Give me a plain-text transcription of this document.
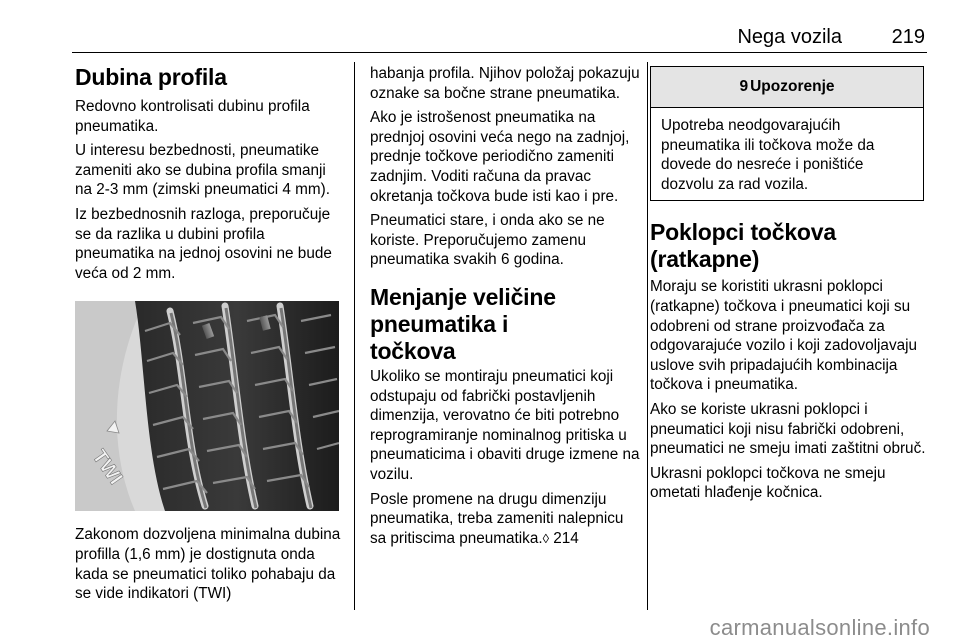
Nega vozila 219
Dubina profila

Redovno kontrolisati dubinu profila pneumatika.

U interesu bezbednosti, pneumatike zameniti ako se dubina profila smanji na 2-3 mm (zimski pneumatici 4 mm).

Iz bezbednosnih razloga, preporučuje se da razlika u dubini profila pneumatika na jednoj osovini ne bude veća od 2 mm.

TWI

Zakonom dozvoljena minimalna dubina profilla (1,6 mm) je dostignuta onda kada se pneumatici toliko pohabaju da se vide indikatori (TWI)

habanja profila. Njihov položaj pokazuju oznake sa bočne strane pneumatika.

Ako je istrošenost pneumatika na prednjoj osovini veća nego na zadnjoj, prednje točkove periodično zameniti zadnjim. Voditi računa da pravac okretanja točkova bude isti kao i pre.

Pneumatici stare, i onda ako se ne koriste. Preporučujemo zamenu pneumatika svakih 6 godina.

Menjanje veličine pneumatika i točkova

Ukoliko se montiraju pneumatici koji odstupaju od fabrički postavljenih dimenzija, verovatno će biti potrebno reprogramiranje nominalnog pritiska u pneumaticima i obaviti druge izmene na vozilu.

Posle promene na drugu dimenziju pneumatika, treba zameniti nalepnicu sa pritiscima pneumatika.◊ 214

9 Upozorenje

Upotreba neodgovarajućih pneumatika ili točkova može da dovede do nesreće i poništiće dozvolu za rad vozila.

Poklopci točkova (ratkapne)

Moraju se koristiti ukrasni poklopci (ratkapne) točkova i pneumatici koji su odobreni od strane proizvođača za odgovarajuće vozilo i koji zadovoljavaju uslove svih pripadajućih kombinacija točkova i pneumatika.

Ako se koriste ukrasni poklopci i pneumatici koji nisu fabrički odobreni, pneumatici ne smeju imati zaštitni obruč.

Ukrasni poklopci točkova ne smeju ometati hlađenje kočnica.

carmanualsonline.info
